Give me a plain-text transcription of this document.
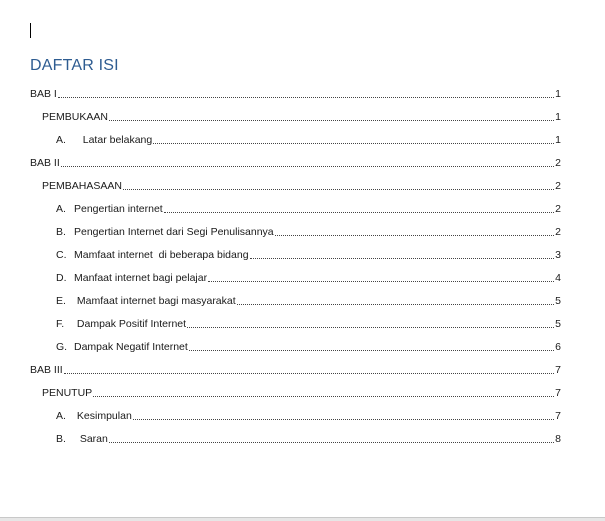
DAFTAR ISI
BAB I	1
PEMBUKAAN	1
A. Latar belakang	1
BAB II	2
PEMBAHASAAN	2
A. Pengertian internet	2
B. Pengertian Internet dari Segi Penulisannya	2
C. Mamfaat internet  di beberapa bidang	3
D. Manfaat internet bagi pelajar	4
E. Mamfaat internet bagi masyarakat	5
F. Dampak Positif Internet	5
G. Dampak Negatif Internet	6
BAB III	7
PENUTUP	7
A. Kesimpulan	7
B. Saran	8
